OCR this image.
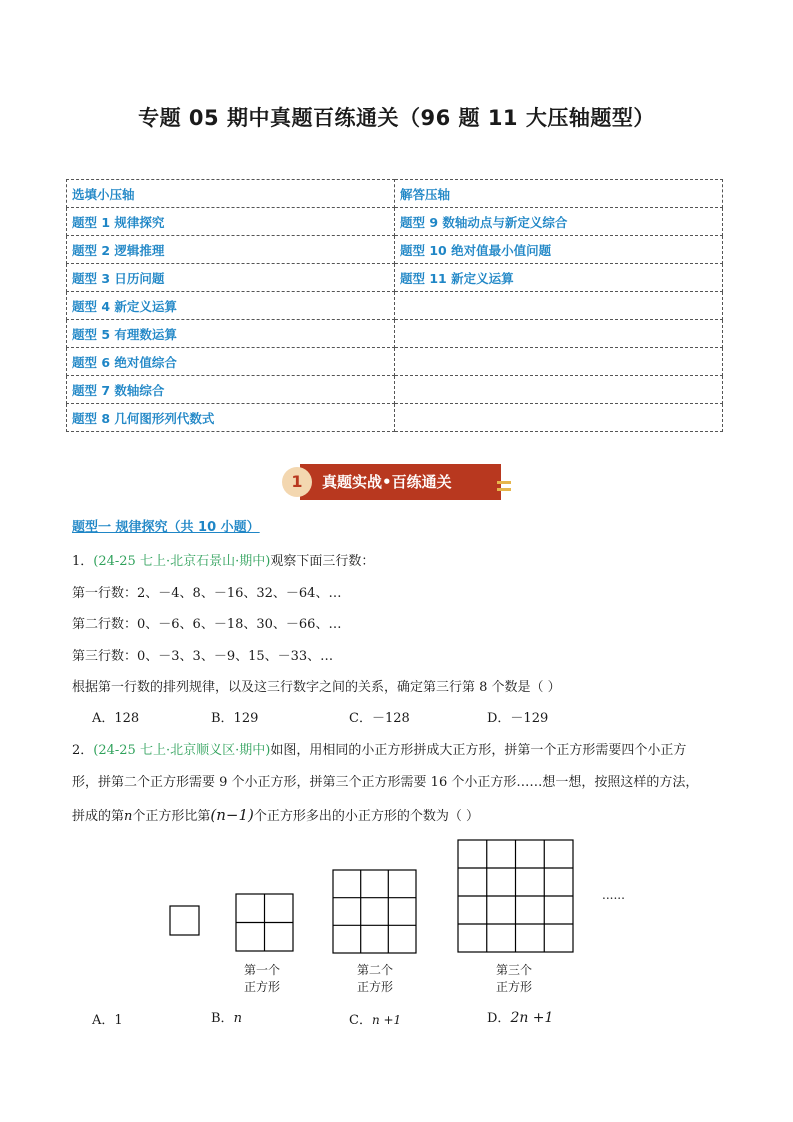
专题 05 期中真题百练通关（96 题 11 大压轴题型）
选填小压轴	解答压轴
题型 1 规律探究	题型 9 数轴动点与新定义综合
题型 2 逻辑推理	题型 10 绝对值最小值问题
题型 3 日历问题	题型 11 新定义运算
题型 4 新定义运算	
题型 5 有理数运算	
题型 6 绝对值综合	
题型 7 数轴综合	
题型 8 几何图形列代数式	
真题实战•百练通关
1
题型一 规律探究（共 10 小题）
1．(24-25 七上·北京石景山·期中)观察下面三行数：
第一行数：2、－4、8、－16、32、－64、…
第二行数：0、－6、6、－18、30、－66、…
第三行数：0、－3、3、－9、15、－33、…
根据第一行数的排列规律，以及这三行数字之间的关系，确定第三行第 8 个数是（ ）
A．128	B．129	C．－128	D．－129
2．(24-25 七上·北京顺义区·期中)如图，用相同的小正方形拼成大正方形，拼第一个正方形需要四个小正方
形，拼第二个正方形需要 9 个小正方形，拼第三个正方形需要 16 个小正方形……想一想，按照这样的方法，
拼成的第n个正方形比第(n−1)个正方形多出的小正方形的个数为（ ）
......
第一个
正方形
第二个
正方形
第三个
正方形
A．1	B．n	C．n +1	D．2n +1
